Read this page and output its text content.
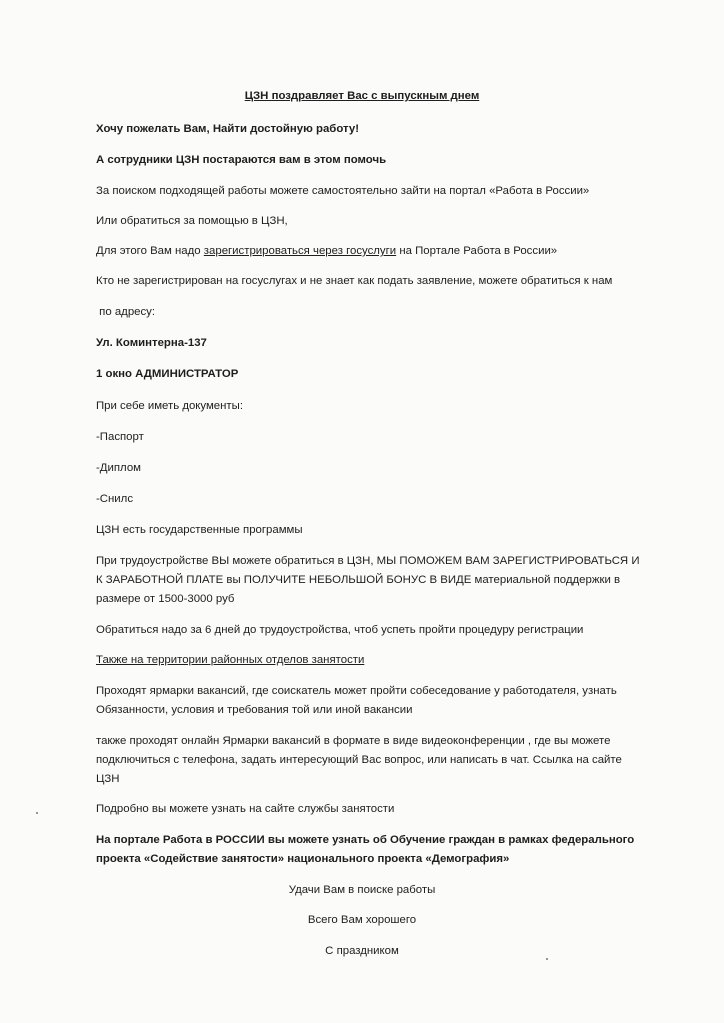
ЦЗН поздравляет Вас с выпускным днем
Хочу пожелать Вам, Найти достойную работу!
А сотрудники ЦЗН постараются вам в этом помочь
За поиском подходящей работы можете самостоятельно зайти на портал «Работа в России»
Или обратиться за помощью в ЦЗН,
Для этого Вам надо зарегистрироваться через госуслуги на Портале Работа в России»
Кто не зарегистрирован на госуслугах и не знает как подать заявление, можете обратиться к нам
по адресу:
Ул. Коминтерна-137
1 окно АДМИНИСТРАТОР
При себе иметь документы:
-Паспорт
-Диплом
-Снилс
ЦЗН есть государственные программы
При трудоустройстве ВЫ можете обратиться в ЦЗН, МЫ ПОМОЖЕМ ВАМ ЗАРЕГИСТРИРОВАТЬСЯ И
К ЗАРАБОТНОЙ ПЛАТЕ вы ПОЛУЧИТЕ НЕБОЛЬШОЙ БОНУС В ВИДЕ материальной поддержки в
размере от 1500-3000 руб
Обратиться надо за 6 дней до трудоустройства, чтоб успеть пройти процедуру регистрации
Также на территории районных отделов занятости
Проходят ярмарки вакансий, где соискатель может пройти собеседование у работодателя, узнать
Обязанности, условия и требования той или иной вакансии
также проходят онлайн Ярмарки вакансий в формате в виде видеоконференции , где вы можете
подключиться с телефона, задать интересующий Вас вопрос, или написать в чат. Ссылка на сайте
ЦЗН
Подробно вы можете узнать на сайте службы занятости
На портале Работа в РОССИИ вы можете узнать об Обучение граждан в рамках федерального
проекта «Содействие занятости» национального проекта «Демография»
Удачи Вам в поиске работы
Всего Вам хорошего
С праздником
